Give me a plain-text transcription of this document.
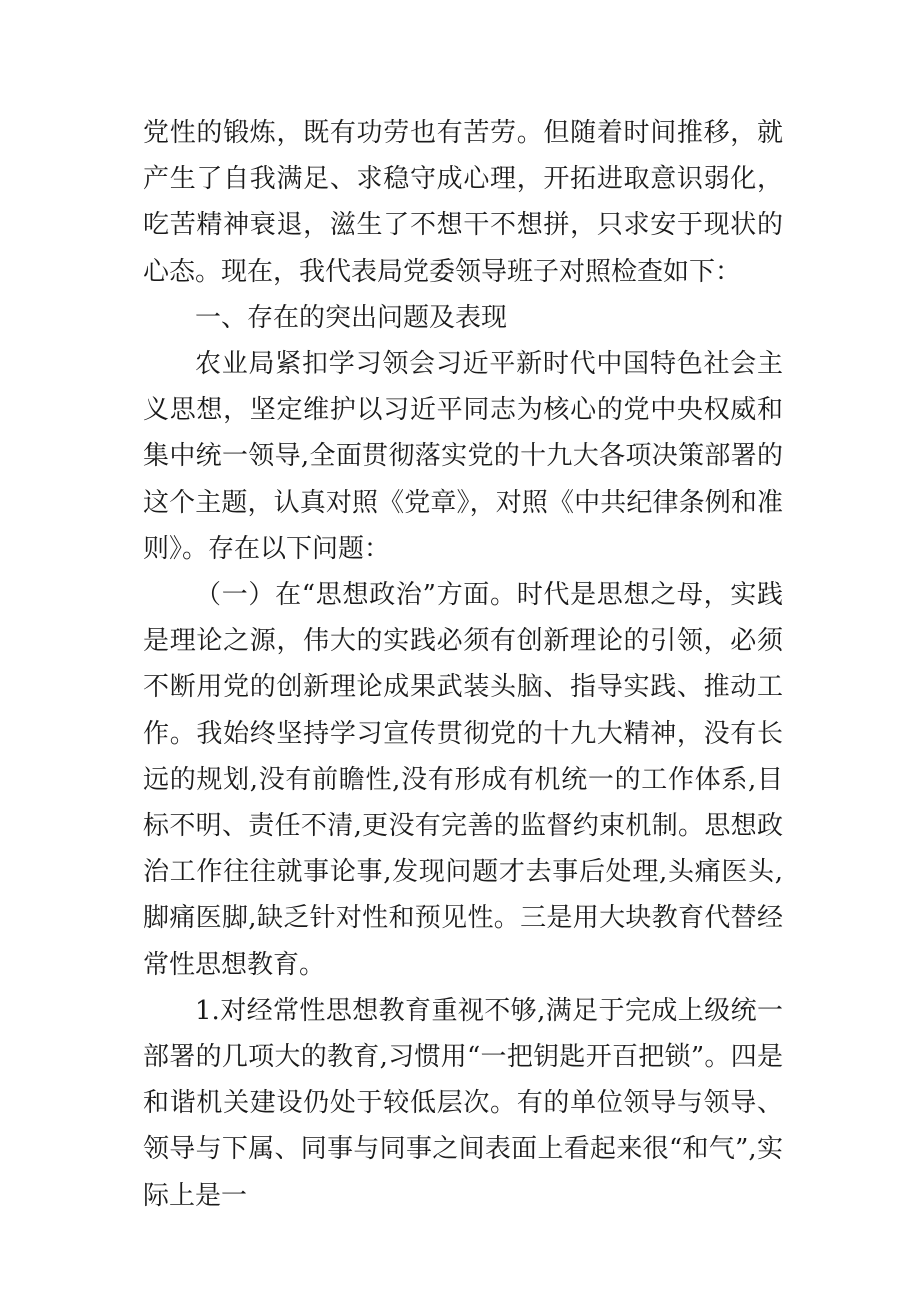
党性的锻炼，既有功劳也有苦劳。但随着时间推移，就产生了自我满足、求稳守成心理，开拓进取意识弱化，吃苦精神衰退，滋生了不想干不想拼，只求安于现状的心态。现在，我代表局党委领导班子对照检查如下：

一、存在的突出问题及表现

农业局紧扣学习领会习近平新时代中国特色社会主义思想，坚定维护以习近平同志为核心的党中央权威和集中统一领导,全面贯彻落实党的十九大各项决策部署的这个主题，认真对照《党章》，对照《中共纪律条例和准则》。存在以下问题：

（一）在“思想政治”方面。时代是思想之母，实践是理论之源，伟大的实践必须有创新理论的引领，必须不断用党的创新理论成果武装头脑、指导实践、推动工作。我始终坚持学习宣传贯彻党的十九大精神，没有长远的规划,没有前瞻性,没有形成有机统一的工作体系,目标不明、责任不清,更没有完善的监督约束机制。思想政治工作往往就事论事,发现问题才去事后处理,头痛医头,脚痛医脚,缺乏针对性和预见性。三是用大块教育代替经常性思想教育。

1.对经常性思想教育重视不够,满足于完成上级统一部署的几项大的教育,习惯用“一把钥匙开百把锁”。四是和谐机关建设仍处于较低层次。有的单位领导与领导、领导与下属、同事与同事之间表面上看起来很“和气”,实际上是一
